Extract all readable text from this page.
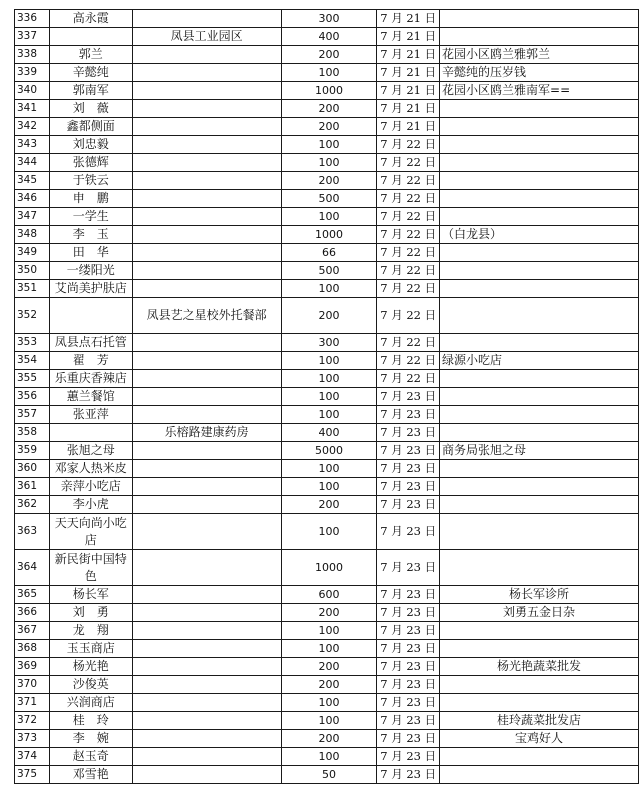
336	高永霞		300	7 月 21 日	
337		凤县工业园区	400	7 月 21 日	
338	郭兰		200	7 月 21 日	花园小区鸥兰雅郭兰
339	辛懿纯		100	7 月 21 日	辛懿纯的压岁钱
340	郭南军		1000	7 月 21 日	花园小区鸥兰雅南军==
341	刘　薇		200	7 月 21 日	
342	鑫都侧面		200	7 月 21 日	
343	刘忠毅		100	7 月 22 日	
344	张德辉		100	7 月 22 日	
345	于铁云		200	7 月 22 日	
346	申　鹏		500	7 月 22 日	
347	一学生		100	7 月 22 日	
348	李　玉		1000	7 月 22 日	（白龙县）
349	田　华		66	7 月 22 日	
350	一缕阳光		500	7 月 22 日	
351	艾尚美护肤店		100	7 月 22 日	
352		凤县艺之星校外托餐部	200	7 月 22 日	
353	凤县点石托管		300	7 月 22 日	
354	翟　芳		100	7 月 22 日	绿源小吃店
355	乐重庆香辣店		100	7 月 22 日	
356	蕙兰餐馆		100	7 月 23 日	
357	张亚萍		100	7 月 23 日	
358		乐榕路建康药房	400	7 月 23 日	
359	张旭之母		5000	7 月 23 日	商务局张旭之母
360	邓家人热米皮		100	7 月 23 日	
361	亲萍小吃店		100	7 月 23 日	
362	李小虎		200	7 月 23 日	
363	天天向尚小吃店		100	7 月 23 日	
364	新民街中国特色		1000	7 月 23 日	
365	杨长军		600	7 月 23 日	杨长军诊所
366	刘　勇		200	7 月 23 日	刘勇五金日杂
367	龙　翔		100	7 月 23 日	
368	玉玉商店		100	7 月 23 日	
369	杨光艳		200	7 月 23 日	杨光艳蔬菜批发
370	沙俊英		200	7 月 23 日	
371	兴润商店		100	7 月 23 日	
372	桂　玲		100	7 月 23 日	桂玲蔬菜批发店
373	李　婉		200	7 月 23 日	宝鸡好人
374	赵玉奇		100	7 月 23 日	
375	邓雪艳		50	7 月 23 日	
